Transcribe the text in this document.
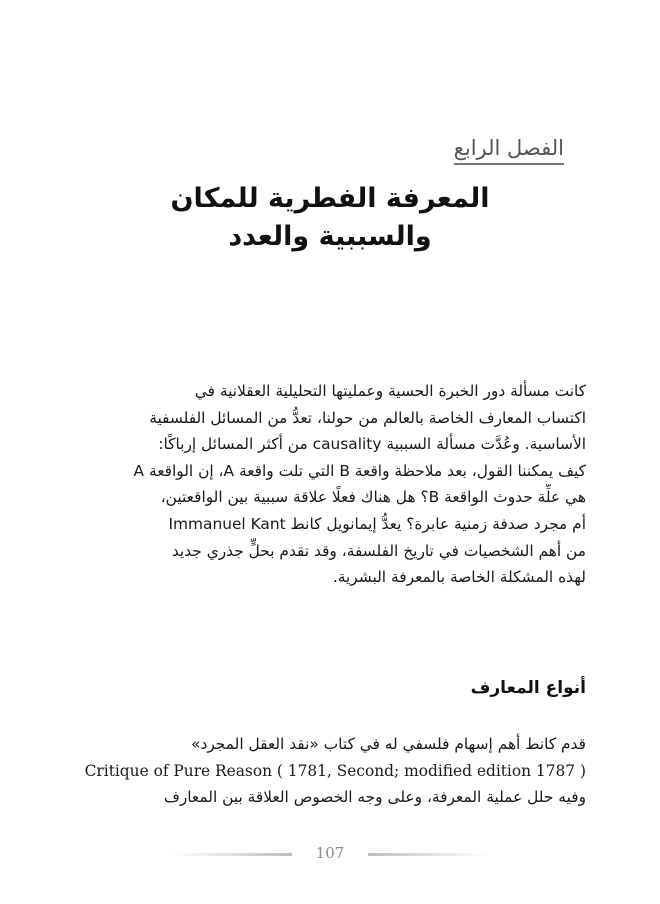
الفصل الرابع
المعرفة الفطرية للمكان
والسببية والعدد
كانت مسألة دور الخبرة الحسية وعمليتها التحليلية العقلانية في
اكتساب المعارف الخاصة بالعالم من حولنا، تعدُّ من المسائل الفلسفية
الأساسية. وعُدَّت مسألة السببية causality من أكثر المسائل إرباكًا:
كيف يمكننا القول، بعد ملاحظة واقعة B التي تلت واقعة A، إن الواقعة A
هي علِّة حدوث الواقعة B؟ هل هناك فعلًا علاقة سببية بين الواقعتين،
أم مجرد صدفة زمنية عابرة؟ يعدُّ إيمانويل كانط Immanuel Kant
من أهم الشخصيات في تاريخ الفلسفة، وقد تقدم بحلٍّ جذري جديد
لهذه المشكلة الخاصة بالمعرفة البشرية.
أنواع المعارف
قدم كانط أهم إسهام فلسفي له في كتاب «نقد العقل المجرد»
Critique of Pure Reason ( 1781, Second; modified edition 1787 )
وفيه حلل عملية المعرفة، وعلى وجه الخصوص العلاقة بين المعارف
107
